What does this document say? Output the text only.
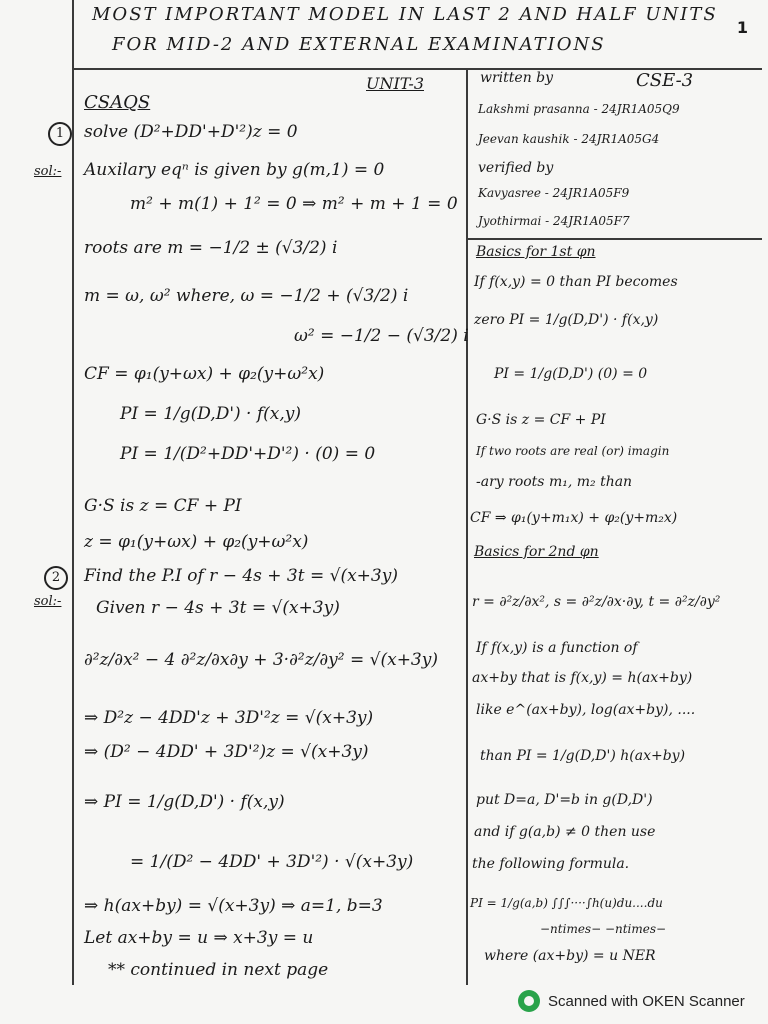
MOST IMPORTANT MODEL IN LAST 2 AND HALF UNITS
FOR MID-2 AND EXTERNAL EXAMINATIONS
1
UNIT-3
CSAQS
1	solve (D²+DD'+D'²)z = 0
sol:- Auxilary eqⁿ is given by g(m,1) = 0
m² + m(1) + 1² = 0 ⇒ m² + m + 1 = 0
roots are m = −1/2 ± (√3/2) i
m = ω, ω² where, ω = −1/2 + (√3/2) i
ω² = −1/2 − (√3/2) i
CF = φ₁(y+ωx) + φ₂(y+ω²x)
PI = 1/g(D,D') · f(x,y)
PI = 1/(D²+DD'+D'²) · (0) = 0
G·S is z = CF + PI
z = φ₁(y+ωx) + φ₂(y+ω²x)
2	Find the P.I of r − 4s + 3t = √(x+3y)
sol:- Given r − 4s + 3t = √(x+3y)
∂²z/∂x² − 4 ∂²z/∂x∂y + 3·∂²z/∂y² = √(x+3y)
⇒ D²z − 4DD'z + 3D'²z = √(x+3y)
⇒ (D² − 4DD' + 3D'²)z = √(x+3y)
⇒ PI = 1/g(D,D') · f(x,y)
= 1/(D² − 4DD' + 3D'²) · √(x+3y)
⇒ h(ax+by) = √(x+3y) ⇒ a=1, b=3
Let ax+by = u ⇒ x+3y = u
** continued in next page
written by	CSE-3
Lakshmi prasanna - 24JR1A05Q9
Jeevan kaushik - 24JR1A05G4
verified by
Kavyasree - 24JR1A05F9
Jyothirmai - 24JR1A05F7
Basics for 1st φn
If f(x,y) = 0 than PI becomes
zero PI = 1/g(D,D') · f(x,y)
PI = 1/g(D,D') (0) = 0
G·S is z = CF + PI
If two roots are real (or) imagin
-ary roots m₁, m₂ than
CF ⇒ φ₁(y+m₁x) + φ₂(y+m₂x)
Basics for 2nd φn
r = ∂²z/∂x², s = ∂²z/∂x·∂y, t = ∂²z/∂y²
If f(x,y) is a function of
ax+by that is f(x,y) = h(ax+by)
like e^(ax+by), log(ax+by), ....
than PI = 1/g(D,D') h(ax+by)
put D=a, D'=b in g(D,D')
and if g(a,b) ≠ 0 then use
the following formula.
PI = 1/g(a,b) ∫∫∫····∫h(u)du....du
−ntimes− −ntimes−
where (ax+by) = u NER
Scanned with OKEN Scanner
